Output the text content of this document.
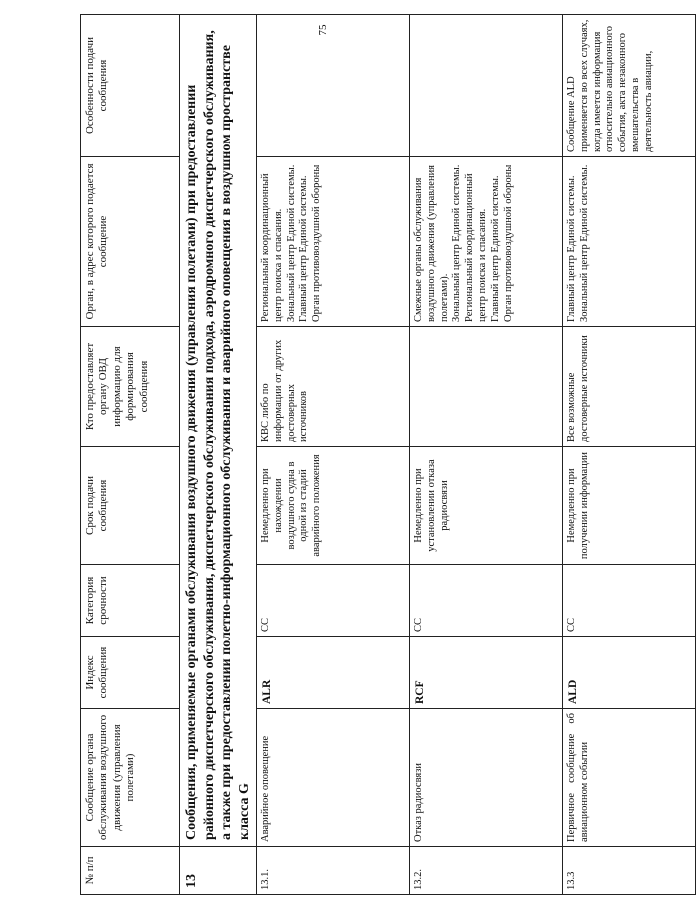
75
№ п/п	Сообщение органа обслуживания воздушного движения (управления полетами)	Индекс сообщения	Категория срочности	Срок подачи сообщения	Кто предоставляет органу ОВД информацию для формирования сообщения	Орган, в адрес которого подается сообщение	Особенности подачи сообщения
13	Сообщения, применяемые органами обслуживания воздушного движения (управления полетами) при предоставлении районного диспетчерского обслуживания, диспетчерского обслуживания подхода, аэродромного диспетчерского обслуживания, а также при предоставлении полетно-информационного обслуживания и аварийного оповещения в воздушном пространстве класса G						
13.1.	Аварийное оповещение	ALR	СС	Немедленно при нахождении воздушного судна в одной из стадий аварийного положения	КВС либо по информации от других достоверных источников	Региональный координационный центр поиска и спасания. Зональный центр Единой системы. Главный центр Единой системы. Орган противовоздушной обороны	

13.2.	Отказ радиосвязи	RCF	СС	Немедленно при установлении отказа радиосвязи		Смежные органы обслуживания воздушного движения (управления полетами). Зональный центр Единой системы. Региональный координационный центр поиска и спасания. Главный центр Единой системы. Орган противовоздушной обороны	

13.3	Первичное сообщение об авиационном событии	ALD	СС	Немедленно при получении информации	Все возможные достоверные источники	Главный центр Единой системы. Зональный центр Единой системы.	Сообщение ALD применяется во всех случаях, когда имеется информация относительно авиационного события, акта незаконного вмешательства в деятельность авиации,
